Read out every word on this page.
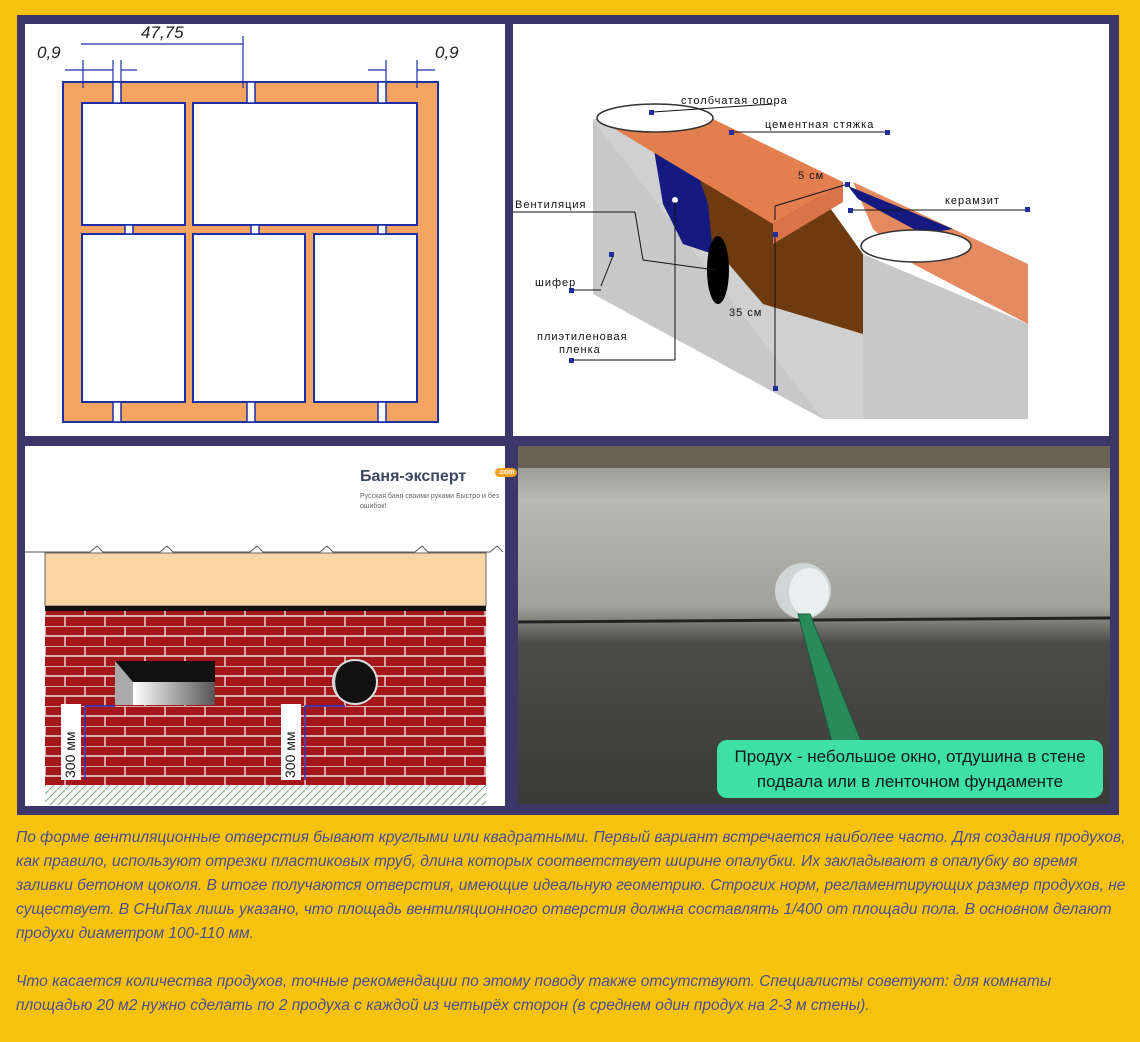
0,9
47,75
0,9
столбчатая опора
цементная стяжка
5 см
керамзит
Вентиляция
шифер
плиэтиленовая пленка
35 см
Баня-эксперт	.com
Русская баня своими руками Быстро и без ошибок!
300 мм	300 мм	Продух - небольшое окно, отдушина в стене подвала или в ленточном фундаменте

По форме вентиляционные отверстия бывают круглыми или квадратными. Первый вариант встречается наиболее часто. Для создания продухов, как правило, используют отрезки пластиковых труб, длина которых соответствует ширине опалубки. Их закладывают в опалубку во время заливки бетоном цоколя. В итоге получаются отверстия, имеющие идеальную геометрию. Строгих норм, регламентирующих размер продухов, не существует. В СНиПах лишь указано, что площадь вентиляционного отверстия должна составлять 1/400 от площади пола. В основном делают продухи диаметром 100-110 мм.

Что касается количества продухов, точные рекомендации по этому поводу также отсутствуют. Специалисты советуют: для комнаты площадью 20 м2 нужно сделать по 2 продуха с каждой из четырёх сторон (в среднем один продух на 2-3 м стены).
